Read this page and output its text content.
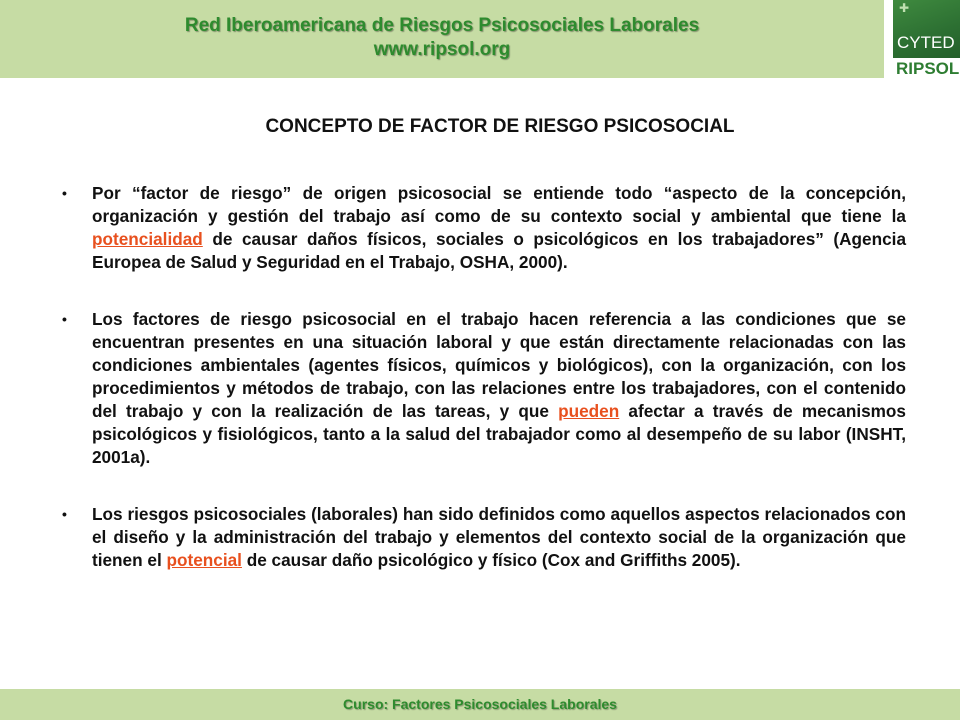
Red Iberoamericana de Riesgos Psicosociales Laborales
www.ripsol.org
✚
CYTED
RIPSOL
CONCEPTO DE FACTOR DE RIESGO PSICOSOCIAL
• Por “factor de riesgo” de origen psicosocial se entiende todo “aspecto de la concepción, organización y gestión del trabajo así como de su contexto social y ambiental que tiene la potencialidad de causar daños físicos, sociales o psicológicos en los trabajadores” (Agencia Europea de Salud y Seguridad en el Trabajo, OSHA, 2000).
• Los factores de riesgo psicosocial en el trabajo hacen referencia a las condiciones que se encuentran presentes en una situación laboral y que están directamente relacionadas con las condiciones ambientales (agentes físicos, químicos y biológicos), con la organización, con los procedimientos y métodos de trabajo, con las relaciones entre los trabajadores, con el contenido del trabajo y con la realización de las tareas, y que pueden afectar a través de mecanismos psicológicos y fisiológicos, tanto a la salud del trabajador como al desempeño de su labor (INSHT, 2001a).
• Los riesgos psicosociales (laborales) han sido definidos como aquellos aspectos relacionados con el diseño y la administración del trabajo y elementos del contexto social de la organización que tienen el potencial de causar daño psicológico y físico (Cox and Griffiths 2005).
Curso: Factores Psicosociales Laborales
